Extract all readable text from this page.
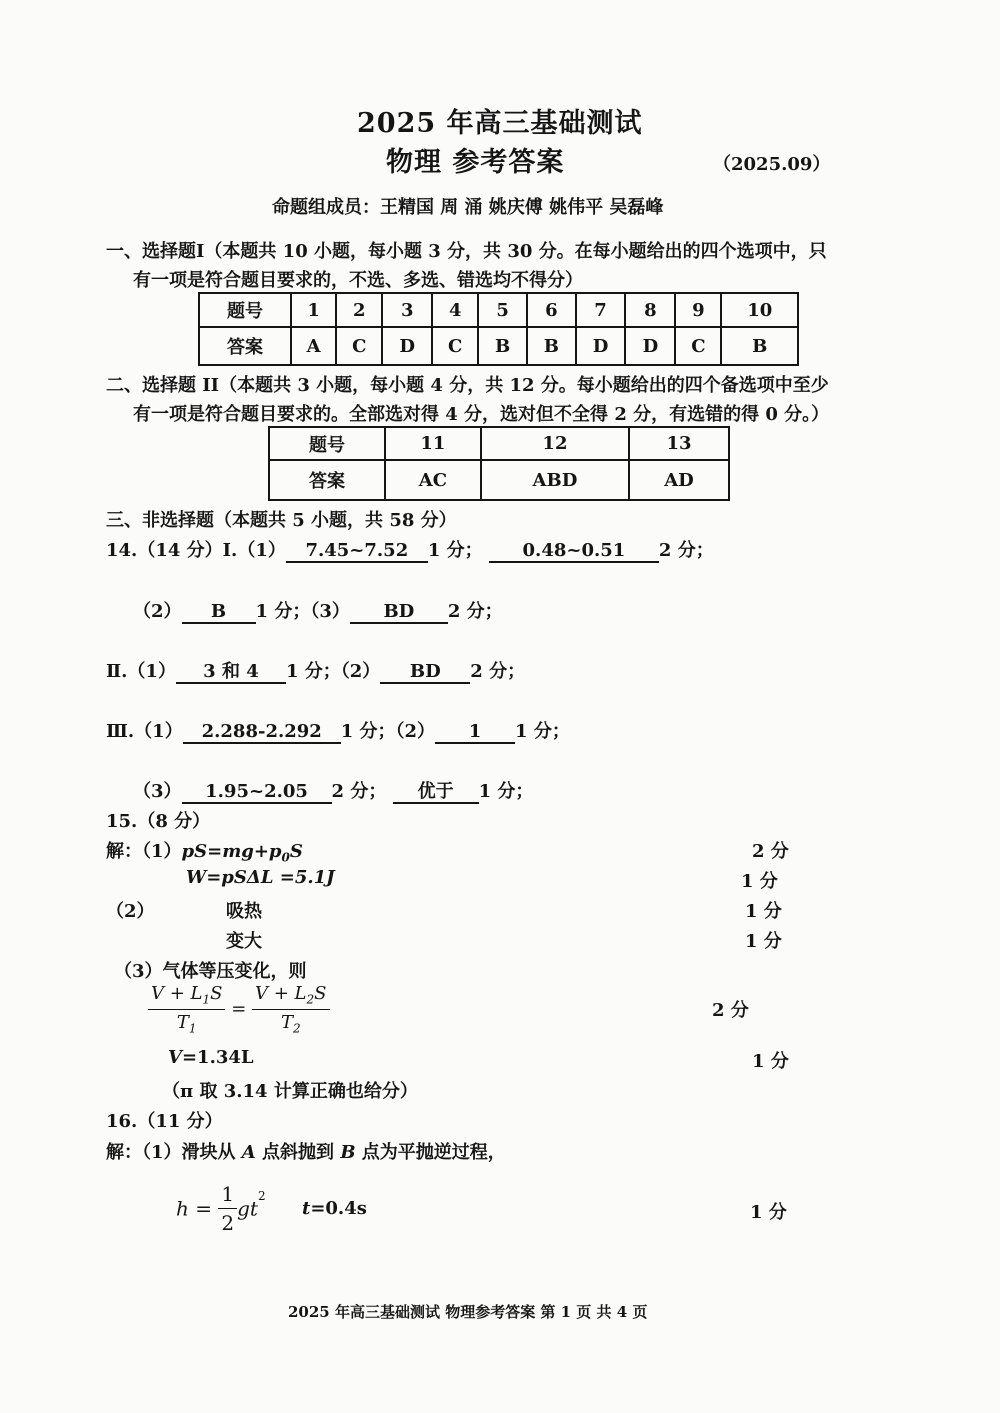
2025 年高三基础测试
物理 参考答案	（2025.09）
命题组成员：王精国 周 涌 姚庆傅 姚伟平 吴磊峰
一、选择题Ⅰ（本题共 10 小题，每小题 3 分，共 30 分。在每小题给出的四个选项中，只
有一项是符合题目要求的，不选、多选、错选均不得分）
题号	1	2	3	4	5	6	7	8	9	10
答案	A	C	D	C	B	B	D	D	C	B
二、选择题 II（本题共 3 小题，每小题 4 分，共 12 分。每小题给出的四个备选项中至少
有一项是符合题目要求的。全部选对得 4 分，选对但不全得 2 分，有选错的得 0 分。）
题号	11	12	13
答案	AC	ABD	AD
三、非选择题（本题共 5 小题，共 58 分）
14.（14 分）Ⅰ.（1） 7.45~7.52 1 分； 0.48~0.51 2 分；
（2） B 1 分；（3） BD 2 分；
Ⅱ.（1） 3 和 4 1 分；（2） BD 2 分；
Ⅲ.（1） 2.288-2.292 1 分；（2） 1 1 分；
（3） 1.95~2.05 2 分； 优于 1 分；
15.（8 分）
解：$(1)pS=mg+p_0S$	2 分
W=pSΔL =5.1J	1 分
（2）	吸热	1 分
变大	1 分
（3）气体等压变化，则
$\frac{V + L_1S}{T_1} = \frac{V + L_2S}{T_2}$	2 分
V=1.34L	1 分
（π 取 3.14 计算正确也给分）
16.（11 分）
解：（1）滑块从 A 点斜抛到 B 点为平抛逆过程，
$h = \frac{1}{2} gt^2$
t=0.4s	1 分
2025 年高三基础测试 物理参考答案 第 1 页 共 4 页
